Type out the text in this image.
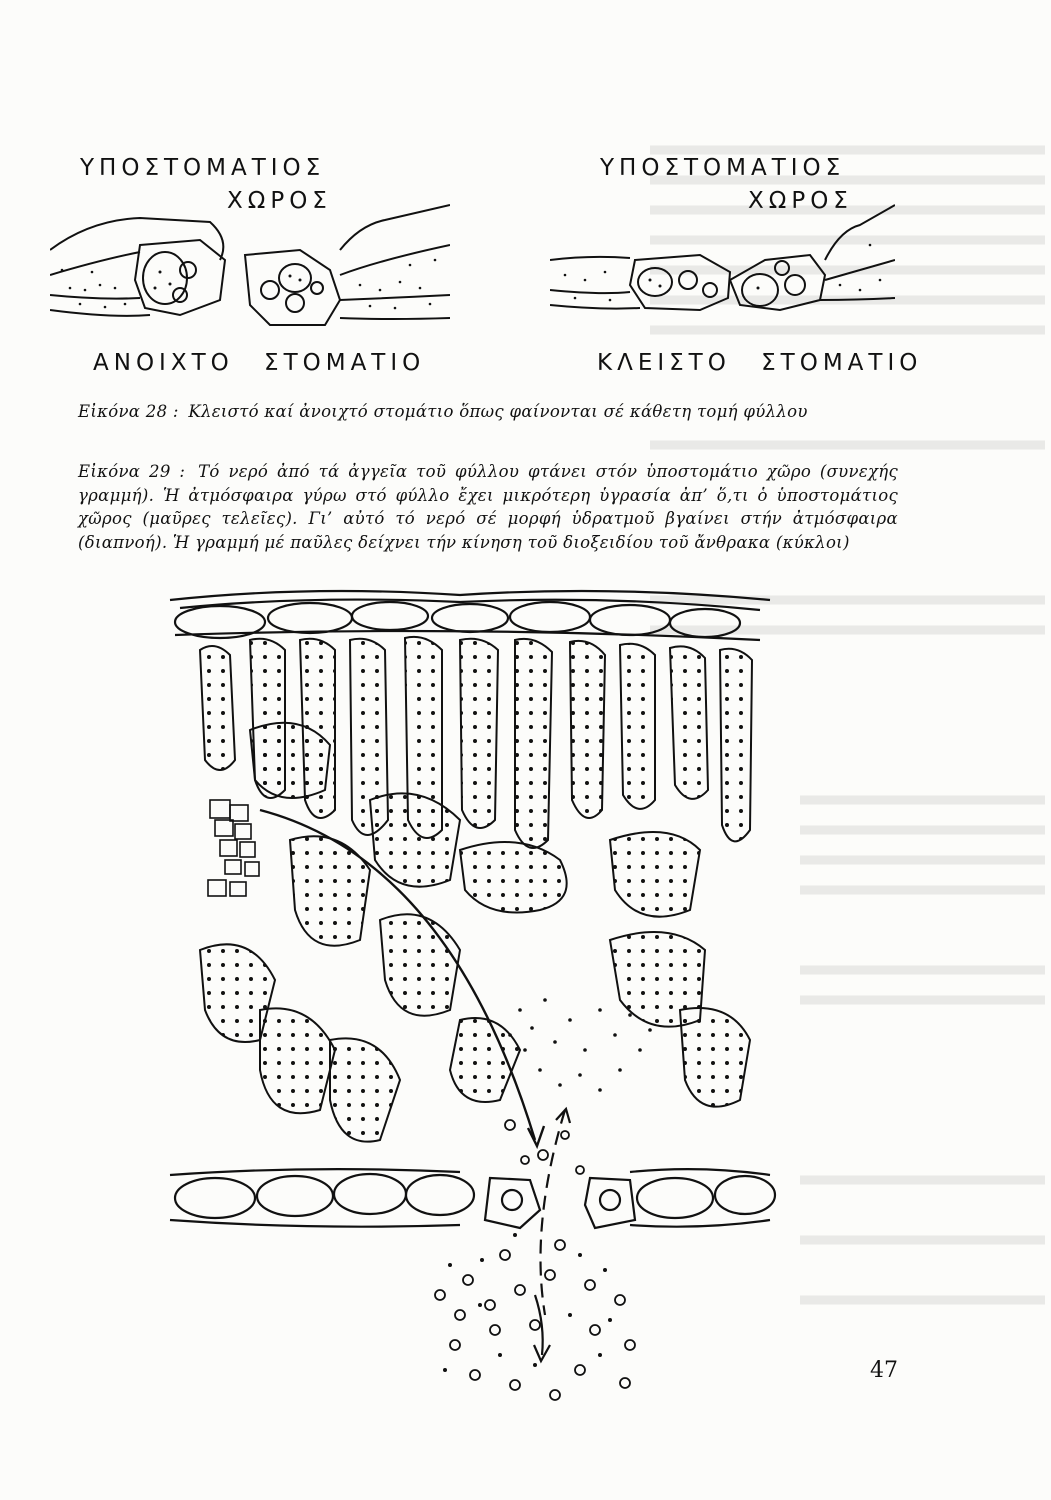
ΥΠΟΣΤΟΜΑΤΙΟΣ
ΧΩΡΟΣ
ΥΠΟΣΤΟΜΑΤΙΟΣ
ΧΩΡΟΣ
ΑΝΟΙΧΤΟ ΣΤΟΜΑΤΙΟ	ΚΛΕΙΣΤΟ ΣΤΟΜΑΤΙΟ
Εἰκόνα 28 : Κλειστό καί ἀνοιχτό στομάτιο ὅπως φαίνονται σέ κάθετη τομή φύλλου
Εἰκόνα 29 : Τό νερό ἀπό τά ἀγγεῖα τοῦ φύλλου φτάνει στόν ὑποστομάτιο χῶρο (συνεχής γραμμή). Ἡ ἀτμόσφαιρα γύρω στό φύλλο ἔχει μικρότερη ὑγρασία ἀπ’ ὅ,τι ὁ ὑποστομάτιος χῶρος (μαῦρες τελεῖες). Γι’ αὐτό τό νερό σέ μορφή ὑδρατμοῦ βγαίνει στήν ἀτμόσφαιρα (διαπνοή). Ἡ γραμμή μέ παῦλες δείχνει τήν κίνηση τοῦ διοξειδίου τοῦ ἄνθρακα (κύκλοι)
47
